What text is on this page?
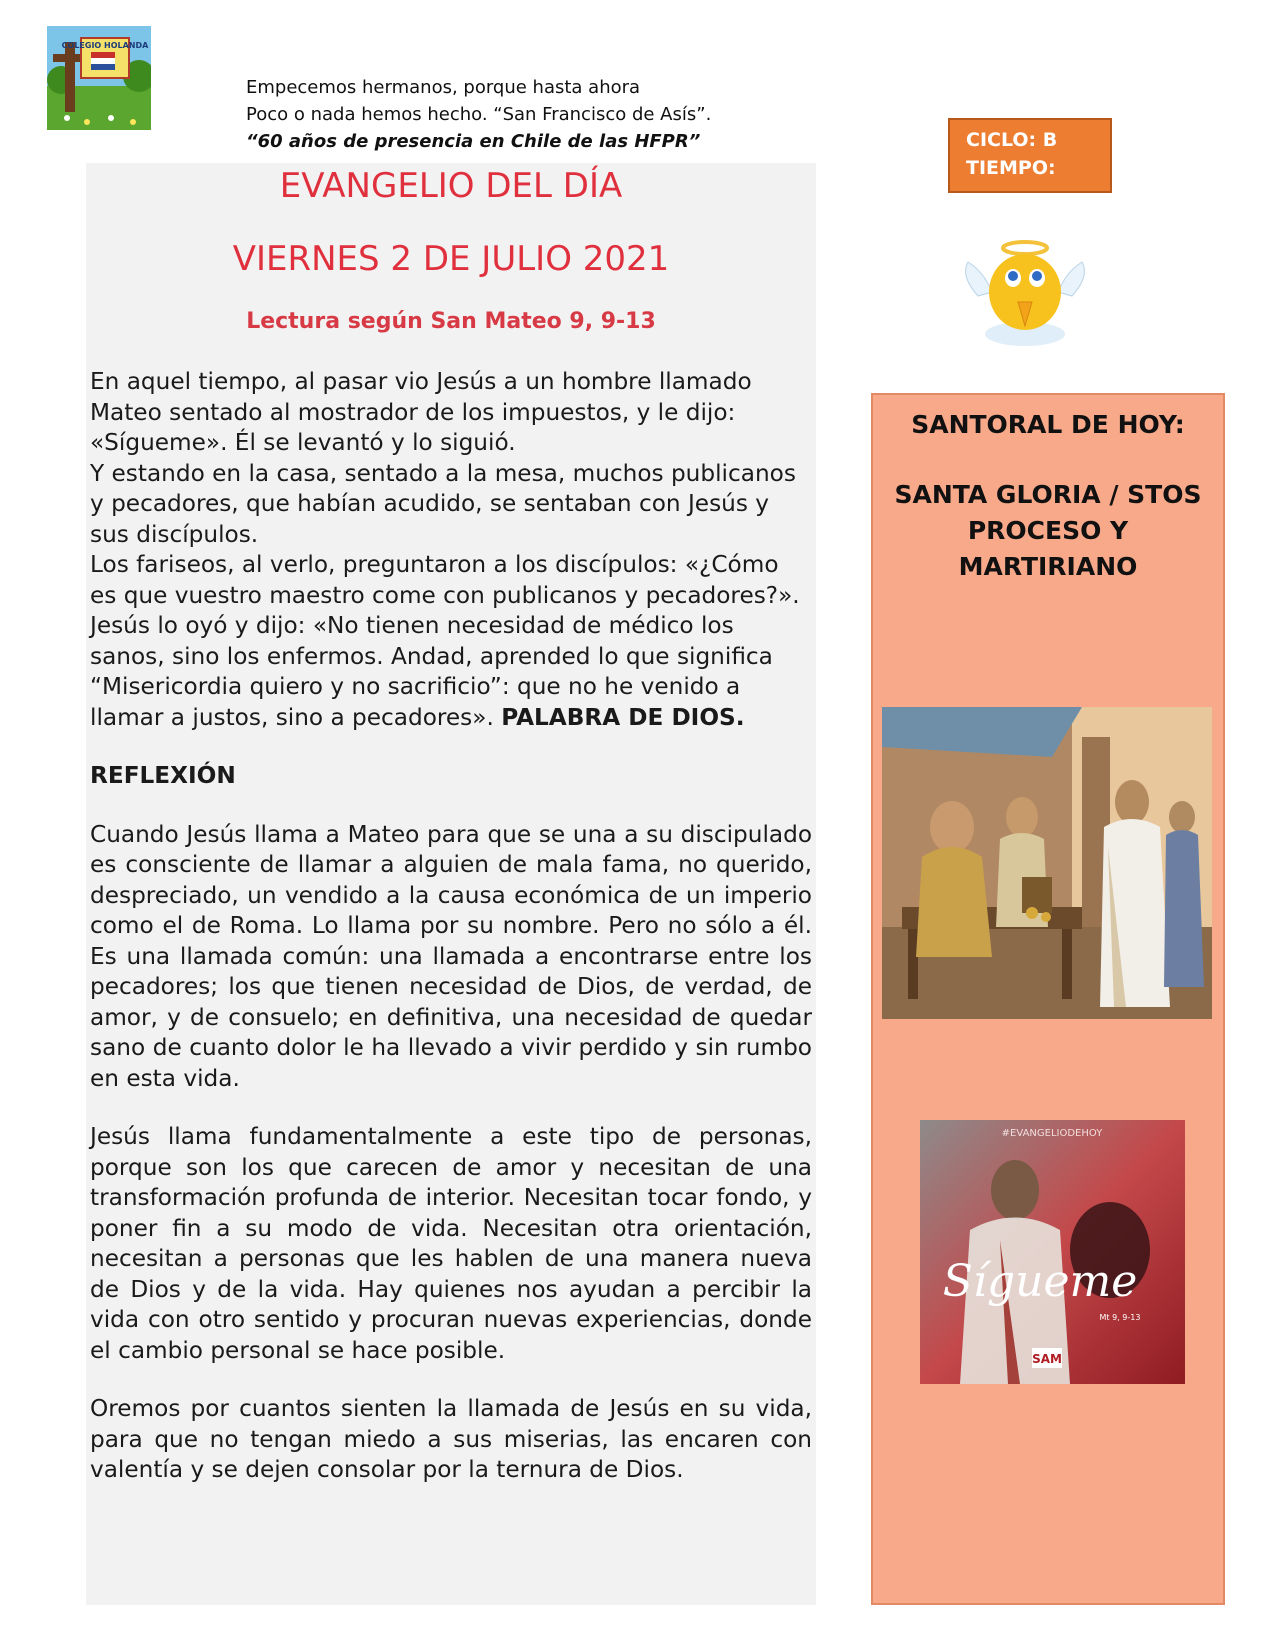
COLEGIO HOLANDA
Empecemos hermanos, porque hasta ahora
Poco o nada hemos hecho. “San Francisco de Asís”.
“60 años de presencia en Chile de las HFPR”	CICLO: B
TIEMPO:
EVANGELIO DEL DÍA
VIERNES 2 DE JULIO 2021
Lectura según San Mateo 9, 9-13

En aquel tiempo, al pasar vio Jesús a un hombre llamado Mateo sentado al mostrador de los impuestos, y le dijo: «Sígueme». Él se levantó y lo siguió.

Y estando en la casa, sentado a la mesa, muchos publicanos y pecadores, que habían acudido, se sentaban con Jesús y sus discípulos.

Los fariseos, al verlo, preguntaron a los discípulos: «¿Cómo es que vuestro maestro come con publicanos y pecadores?».

Jesús lo oyó y dijo: «No tienen necesidad de médico los sanos, sino los enfermos. Andad, aprended lo que significa “Misericordia quiero y no sacrificio”: que no he venido a llamar a justos, sino a pecadores». PALABRA DE DIOS.

REFLEXIÓN

Cuando Jesús llama a Mateo para que se una a su discipulado es consciente de llamar a alguien de mala fama, no querido, despreciado, un vendido a la causa económica de un imperio como el de Roma. Lo llama por su nombre. Pero no sólo a él. Es una llamada común: una llamada a encontrarse entre los pecadores; los que tienen necesidad de Dios, de verdad, de amor, y de consuelo; en definitiva, una necesidad de quedar sano de cuanto dolor le ha llevado a vivir perdido y sin rumbo en esta vida.

Jesús llama fundamentalmente a este tipo de personas, porque son los que carecen de amor y necesitan de una transformación profunda de interior. Necesitan tocar fondo, y poner fin a su modo de vida. Necesitan otra orientación, necesitan a personas que les hablen de una manera nueva de Dios y de la vida. Hay quienes nos ayudan a percibir la vida con otro sentido y procuran nuevas experiencias, donde el cambio personal se hace posible.

Oremos por cuantos sienten la llamada de Jesús en su vida, para que no tengan miedo a sus miserias, las encaren con valentía y se dejen consolar por la ternura de Dios.

SANTORAL DE HOY:
SANTA GLORIA / STOS
PROCESO Y
MARTIRIANO
#EVANGELIODEHOY
Sígueme
Mt 9, 9-13
SAM
